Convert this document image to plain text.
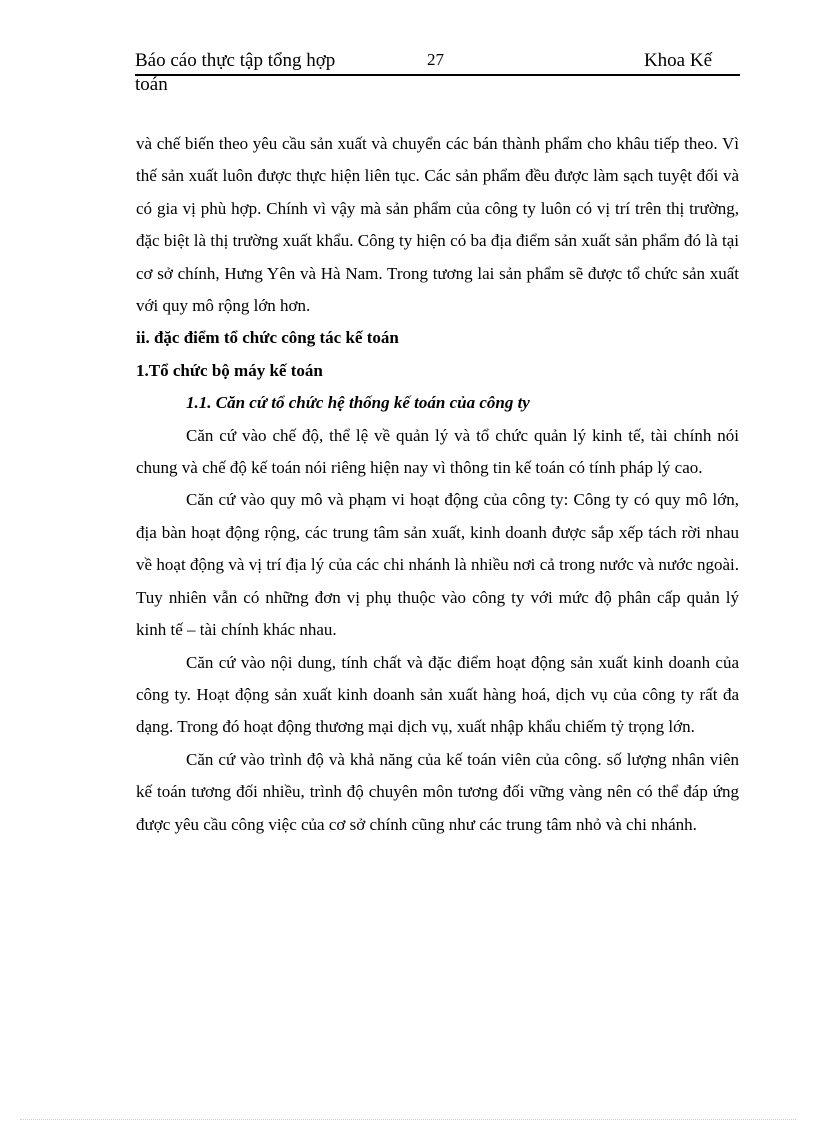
Báo cáo thực tập tổng hợp	27	Khoa Kế
toán

và chế biến theo yêu cầu sản xuất và chuyển các bán thành phẩm cho khâu tiếp theo. Vì thế sản xuất luôn được thực hiện liên tục. Các sản phẩm đều được làm sạch tuyệt đối và có gia vị phù hợp. Chính vì vậy mà sản phẩm của công ty luôn có vị trí trên thị trường, đặc biệt là thị trường xuất khẩu. Công ty hiện có ba địa điểm sản xuất sản phẩm đó là tại cơ sở chính, Hưng Yên và Hà Nam. Trong tương lai sản phẩm sẽ được tổ chức sản xuất với quy mô rộng lớn hơn.

ii. đặc điểm tổ chức công tác kế toán

1.Tổ chức bộ máy kế toán

1.1. Căn cứ tổ chức hệ thống kế toán của công ty

Căn cứ vào chế độ, thể lệ về quản lý và tổ chức quản lý kinh tế, tài chính nói chung và chế độ kế toán nói riêng hiện nay vì thông tin kế toán có tính pháp lý cao.

Căn cứ vào quy mô và phạm vi hoạt động của công ty: Công ty có quy mô lớn, địa bàn hoạt động rộng, các trung tâm sản xuất, kinh doanh được sắp xếp tách rời nhau về hoạt động và vị trí địa lý của các chi nhánh là nhiều nơi cả trong nước và nước ngoài. Tuy nhiên vẫn có những đơn vị phụ thuộc vào công ty với mức độ phân cấp quản lý kinh tế – tài chính khác nhau.

Căn cứ vào nội dung, tính chất và đặc điểm hoạt động sản xuất kinh doanh của công ty. Hoạt động sản xuất kinh doanh sản xuất hàng hoá, dịch vụ của công ty rất đa dạng. Trong đó hoạt động thương mại dịch vụ, xuất nhập khẩu chiếm tỷ trọng lớn.

Căn cứ vào trình độ và khả năng của kế toán viên của công. số lượng nhân viên kế toán tương đối nhiều, trình độ chuyên môn tương đối vững vàng nên có thể đáp ứng được yêu cầu công việc của cơ sở chính cũng như các trung tâm nhỏ và chi nhánh.
